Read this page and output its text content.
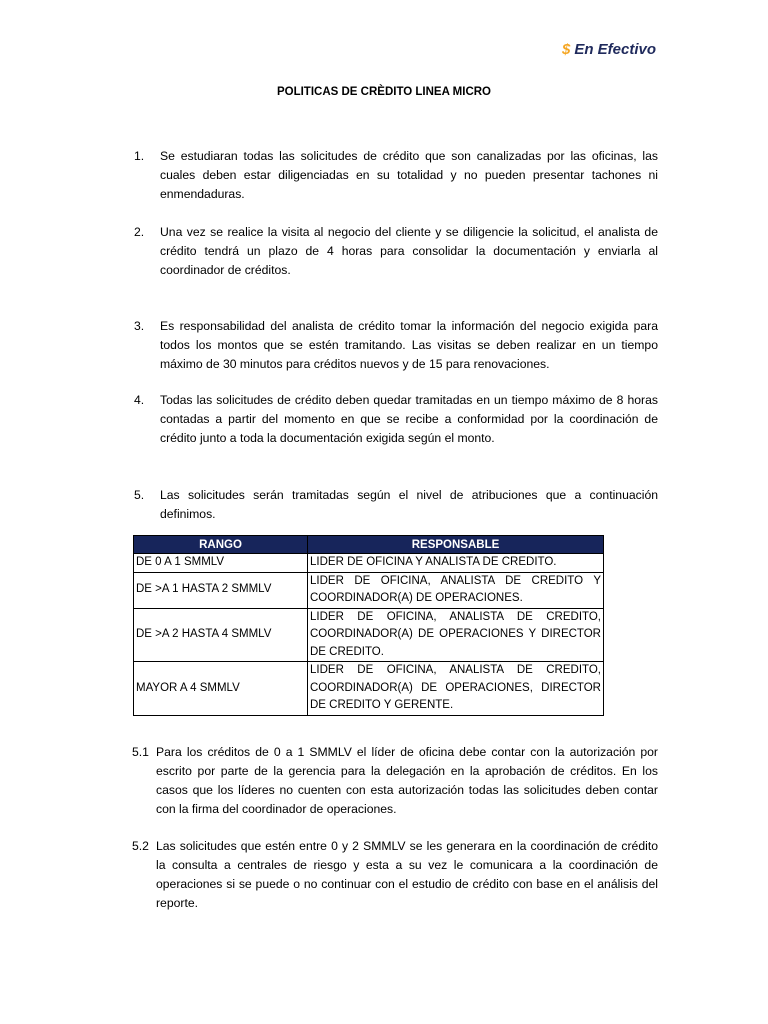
$ En Efectivo
POLITICAS DE CRÈDITO LINEA MICRO
1. Se estudiaran todas las solicitudes de crédito que son canalizadas por las oficinas, las cuales deben estar diligenciadas en su totalidad y no pueden presentar tachones ni enmendaduras.
2. Una vez se realice la visita al negocio del cliente y se diligencie la solicitud, el analista de crédito tendrá un plazo de 4 horas para consolidar la documentación y enviarla al coordinador de créditos.
3. Es responsabilidad del analista de crédito tomar la información del negocio exigida para todos los montos que se estén tramitando. Las visitas se deben realizar en un tiempo máximo de 30 minutos para créditos nuevos y de 15 para renovaciones.
4. Todas las solicitudes de crédito deben quedar tramitadas en un tiempo máximo de 8 horas contadas a partir del momento en que se recibe a conformidad por la coordinación de crédito junto a toda la documentación exigida según el monto.
5. Las solicitudes serán tramitadas según el nivel de atribuciones que a continuación definimos.
RANGO	RESPONSABLE
DE 0 A 1 SMMLV	LIDER DE OFICINA Y ANALISTA DE CREDITO.
DE >A 1 HASTA 2 SMMLV	LIDER DE OFICINA, ANALISTA DE CREDITO Y COORDINADOR(A) DE OPERACIONES.
DE >A 2 HASTA 4 SMMLV	LIDER DE OFICINA, ANALISTA DE CREDITO, COORDINADOR(A) DE OPERACIONES Y DIRECTOR DE CREDITO.
MAYOR A 4 SMMLV	LIDER DE OFICINA, ANALISTA DE CREDITO, COORDINADOR(A) DE OPERACIONES, DIRECTOR DE CREDITO Y GERENTE.
5.1 Para los créditos de 0 a 1 SMMLV el líder de oficina debe contar con la autorización por escrito por parte de la gerencia para la delegación en la aprobación de créditos. En los casos que los líderes no cuenten con esta autorización todas las solicitudes deben contar con la firma del coordinador de operaciones.
5.2 Las solicitudes que estén entre 0 y 2 SMMLV se les generara en la coordinación de crédito la consulta a centrales de riesgo y esta a su vez le comunicara a la coordinación de operaciones si se puede o no continuar con el estudio de crédito con base en el análisis del reporte.
